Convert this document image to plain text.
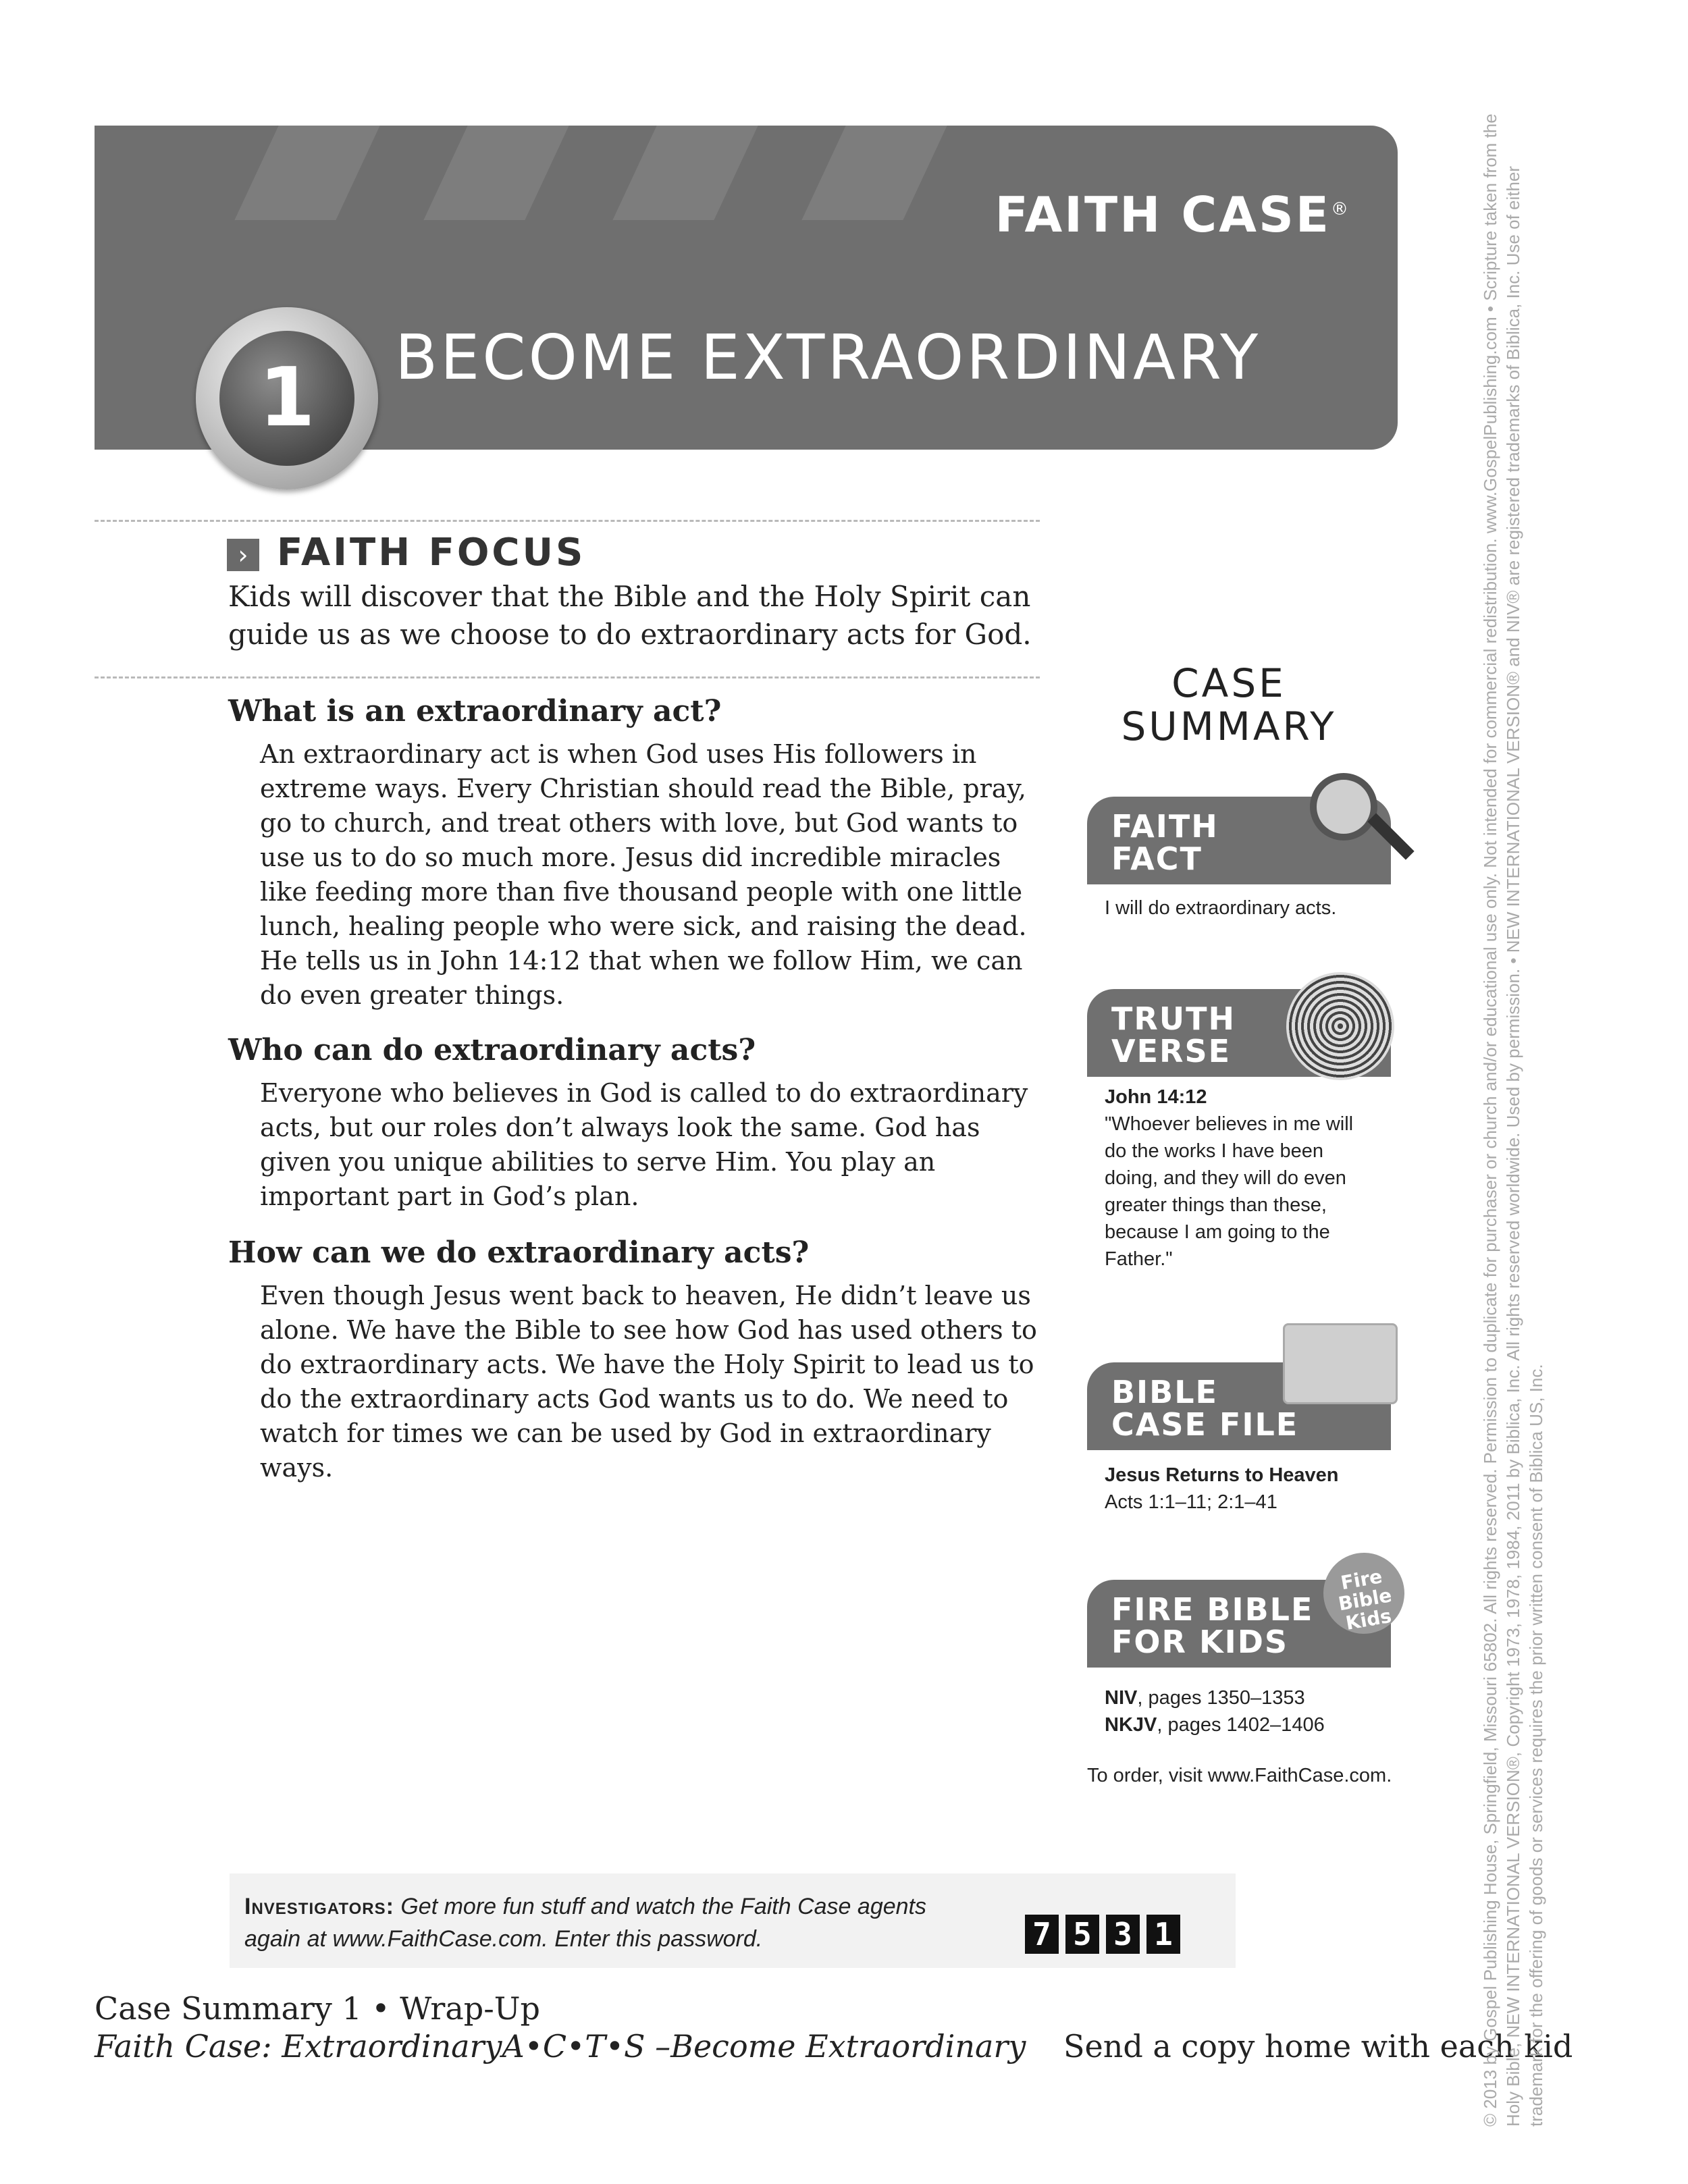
FAITH CASE®
BECOME EXTRAORDINARY
1
› FAITH FOCUS
Kids will discover that the Bible and the Holy Spirit can guide us as we choose to do extraordinary acts for God.
What is an extraordinary act?
An extraordinary act is when God uses His followers in extreme ways. Every Christian should read the Bible, pray, go to church, and treat others with love, but God wants to use us to do so much more. Jesus did incredible miracles like feeding more than five thousand people with one little lunch, healing people who were sick, and raising the dead. He tells us in John 14:12 that when we follow Him, we can do even greater things.
Who can do extraordinary acts?
Everyone who believes in God is called to do extraordinary acts, but our roles don’t always look the same. God has given you unique abilities to serve Him. You play an important part in God’s plan.
How can we do extraordinary acts?
Even though Jesus went back to heaven, He didn’t leave us alone. We have the Bible to see how God has used others to do extraordinary acts. We have the Holy Spirit to lead us to do the extraordinary acts God wants us to do. We need to watch for times we can be used by God in extraordinary ways.
CASE SUMMARY
FAITH
FACT
I will do extraordinary acts.
TRUTH
VERSE
John 14:12
"Whoever believes in me will do the works I have been doing, and they will do even greater things than these, because I am going to the Father."
BIBLE
CASE FILE
Jesus Returns to Heaven
Acts 1:1–11; 2:1–41
FIRE BIBLE
FOR KIDS
Fire Bible Kids
NIV, pages 1350–1353
NKJV, pages 1402–1406
To order, visit www.FaithCase.com.
Investigators: Get more fun stuff and watch the Faith Case agents again at www.FaithCase.com. Enter this password.	7 5 3 1
Case Summary 1 • Wrap-Up
Faith Case: ExtraordinaryA•C•T•S –Become Extraordinary Send a copy home with each kid
© 2013 by Gospel Publishing House, Springfield, Missouri 65802. All rights reserved. Permission to duplicate for purchaser or church and/or educational use only. Not intended for commercial redistribution. www.GospelPublishing.com • Scripture taken from the Holy Bible, NEW INTERNATIONAL VERSION®, Copyright 1973, 1978, 1984, 2011 by Biblica, Inc. All rights reserved worldwide. Used by permission. • NEW INTERNATIONAL VERSION® and NIV® are registered trademarks of Biblica, Inc. Use of either trademark for the offering of goods or services requires the prior written consent of Biblica US, Inc.
